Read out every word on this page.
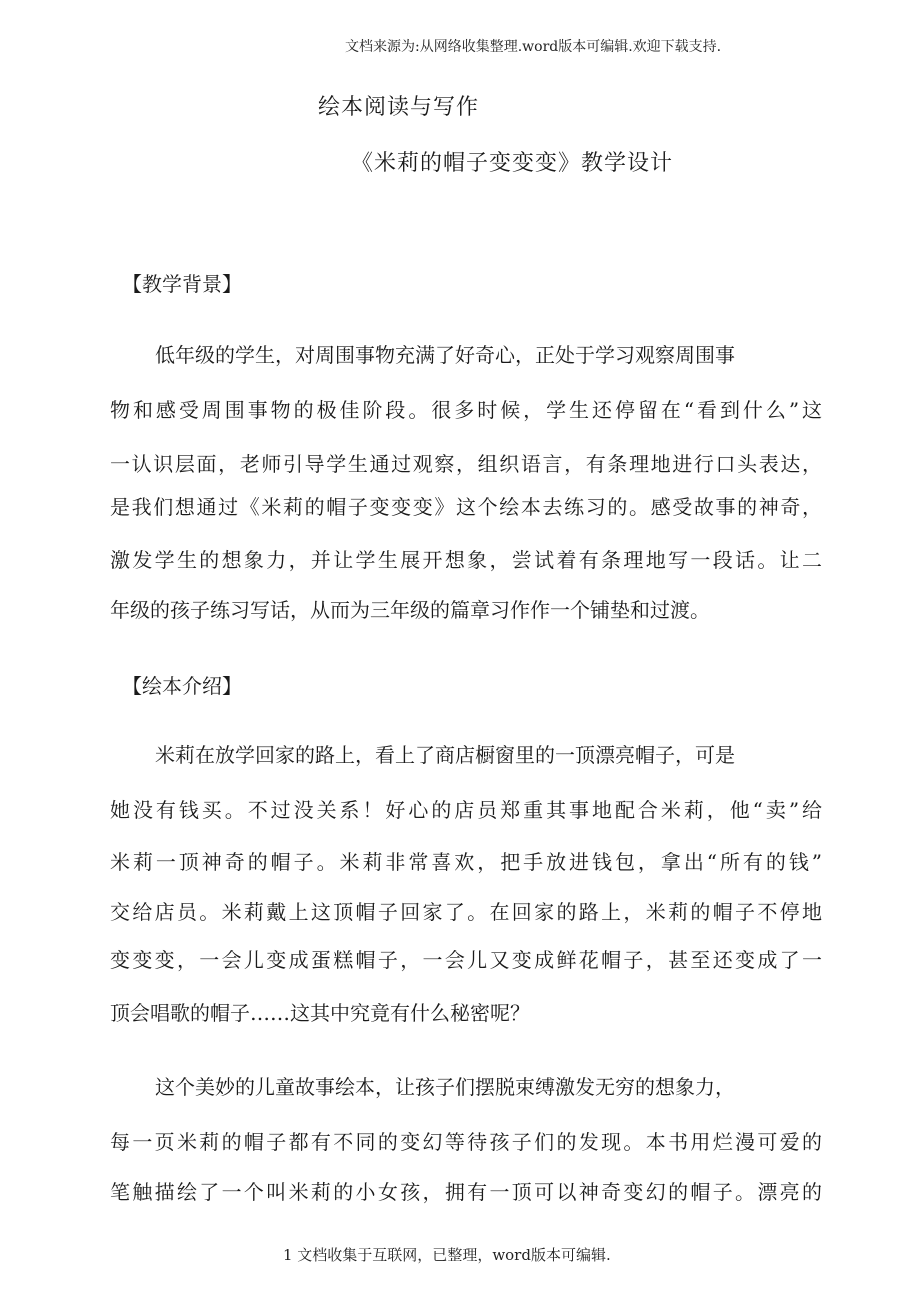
文档来源为:从网络收集整理.word版本可编辑.欢迎下载支持.
绘本阅读与写作
《米莉的帽子变变变》教学设计
【教学背景】
低年级的学生，对周围事物充满了好奇心，正处于学习观察周围事
物和感受周围事物的极佳阶段。很多时候，学生还停留在“看到什么”这
一认识层面，老师引导学生通过观察，组织语言，有条理地进行口头表达，
是我们想通过《米莉的帽子变变变》这个绘本去练习的。感受故事的神奇，
激发学生的想象力，并让学生展开想象，尝试着有条理地写一段话。让二
年级的孩子练习写话，从而为三年级的篇章习作作一个铺垫和过渡。
【绘本介绍】
米莉在放学回家的路上，看上了商店橱窗里的一顶漂亮帽子，可是
她没有钱买。不过没关系！好心的店员郑重其事地配合米莉，他“卖”给
米莉一顶神奇的帽子。米莉非常喜欢，把手放进钱包，拿出“所有的钱”
交给店员。米莉戴上这顶帽子回家了。在回家的路上，米莉的帽子不停地
变变变，一会儿变成蛋糕帽子，一会儿又变成鲜花帽子，甚至还变成了一
顶会唱歌的帽子……这其中究竟有什么秘密呢？
这个美妙的儿童故事绘本，让孩子们摆脱束缚激发无穷的想象力，
每一页米莉的帽子都有不同的变幻等待孩子们的发现。本书用烂漫可爱的
笔触描绘了一个叫米莉的小女孩，拥有一顶可以神奇变幻的帽子。漂亮的
1 文档收集于互联网，已整理，word版本可编辑.
